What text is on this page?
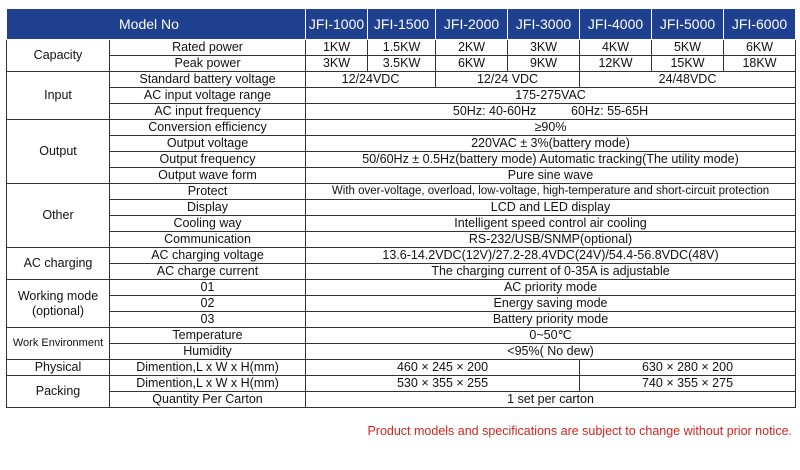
Model No		JFI-1000	JFI-1500	JFI-2000	JFI-3000	JFI-4000	JFI-5000	JFI-6000
Capacity	Rated power	1KW	1.5KW	2KW	3KW	4KW	5KW	6KW
	Peak power	3KW	3.5KW	6KW	9KW	12KW	15KW	18KW
Input	Standard battery voltage	12/24VDC		12/24 VDC		24/48VDC		
	AC input voltage range	175-275VAC						
	AC input frequency	50Hz: 40-60Hz          60Hz: 55-65H						
Output	Conversion efficiency	≥90%						
	Output voltage	220VAC ± 3%(battery mode)						
	Output frequency	50/60Hz ± 0.5Hz(battery mode) Automatic tracking(The utility mode)						
	Output wave form	Pure sine wave						
Other	Protect	With over-voltage, overload, low-voltage, high-temperature and short-circuit protection						
	Display	LCD and LED display						
	Cooling way	Intelligent speed control air cooling						
	Communication	RS-232/USB/SNMP(optional)						
AC charging	AC charging voltage	13.6-14.2VDC(12V)/27.2-28.4VDC(24V)/54.4-56.8VDC(48V)						
	AC charge current	The charging current of 0-35A is adjustable						
Working mode
(optional)	01	AC priority mode						
	02	Energy saving mode						
	03	Battery priority mode						
Work Environment	Temperature	0~50℃						
	Humidity	<95%( No dew)						
Physical	Dimention,L x W x H(mm)	460 × 245 × 200				630 × 280 × 200		
Packing	Dimention,L x W x H(mm)	530 × 355 × 255				740 × 355 × 275		
	Quantity Per Carton	1 set per carton						
Product models and specifications are subject to change without prior notice.
